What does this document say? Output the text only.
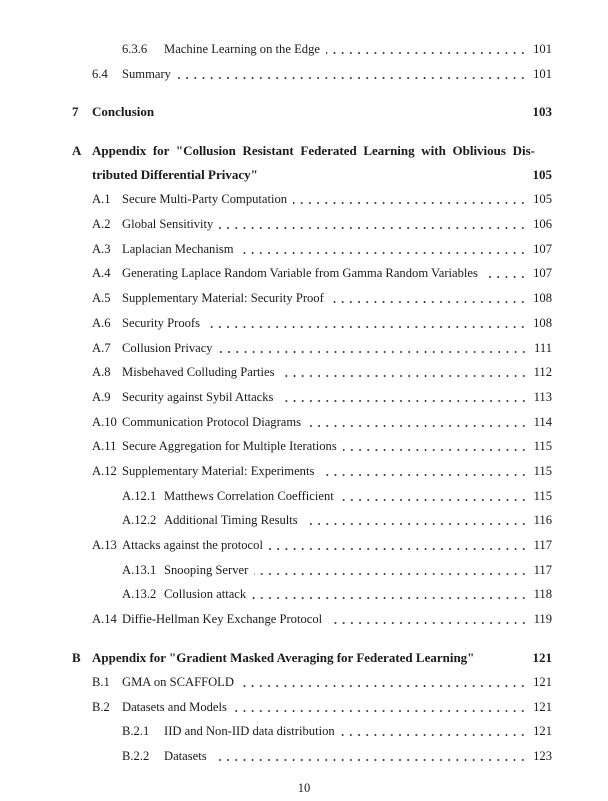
6.3.6 Machine Learning on the Edge	101
6.4 Summary	101
7 Conclusion	103
A Appendix for "Collusion Resistant Federated Learning with Oblivious Dis-
tributed Differential Privacy"	105
A.1 Secure Multi-Party Computation	105
A.2 Global Sensitivity	106
A.3 Laplacian Mechanism	107
A.4 Generating Laplace Random Variable from Gamma Random Variables	107
A.5 Supplementary Material: Security Proof	108
A.6 Security Proofs	108
A.7 Collusion Privacy	111
A.8 Misbehaved Colluding Parties	112
A.9 Security against Sybil Attacks	113
A.10 Communication Protocol Diagrams	114
A.11 Secure Aggregation for Multiple Iterations	115
A.12 Supplementary Material: Experiments	115
A.12.1 Matthews Correlation Coefficient	115
A.12.2 Additional Timing Results	116
A.13 Attacks against the protocol	117
A.13.1 Snooping Server	117
A.13.2 Collusion attack	118
A.14 Diffie-Hellman Key Exchange Protocol	119
B Appendix for "Gradient Masked Averaging for Federated Learning"	121
B.1 GMA on SCAFFOLD	121
B.2 Datasets and Models	121
B.2.1 IID and Non-IID data distribution	121
B.2.2 Datasets	123
10
